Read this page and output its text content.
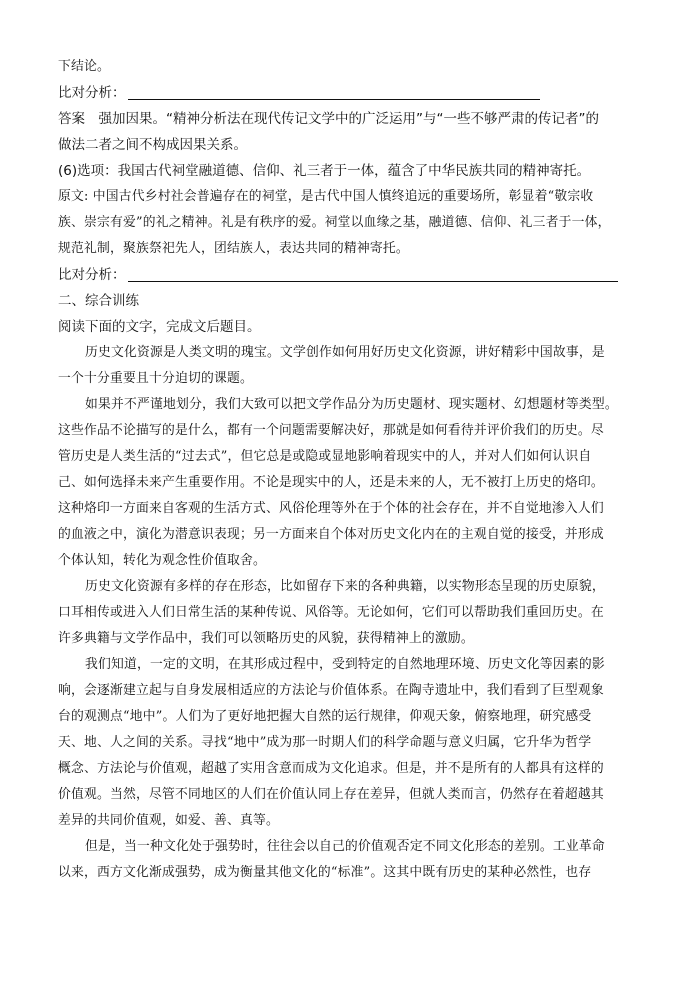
下结论。
比对分析：
答案　强加因果。“精神分析法在现代传记文学中的广泛运用”与“一些不够严肃的传记者”的
做法二者之间不构成因果关系。
(6)选项：我国古代祠堂融道德、信仰、礼三者于一体，蕴含了中华民族共同的精神寄托。
原文: 中国古代乡村社会普遍存在的祠堂，是古代中国人慎终追远的重要场所，彰显着“敬宗收
族、崇宗有爱”的礼之精神。礼是有秩序的爱。祠堂以血缘之基，融道德、信仰、礼三者于一体，
规范礼制，聚族祭祀先人，团结族人，表达共同的精神寄托。
比对分析：
二、综合训练
阅读下面的文字，完成文后题目。
历史文化资源是人类文明的瑰宝。文学创作如何用好历史文化资源，讲好精彩中国故事，是
一个十分重要且十分迫切的课题。
如果并不严谨地划分，我们大致可以把文学作品分为历史题材、现实题材、幻想题材等类型。
这些作品不论描写的是什么，都有一个问题需要解决好，那就是如何看待并评价我们的历史。尽
管历史是人类生活的“过去式”，但它总是或隐或显地影响着现实中的人，并对人们如何认识自
己、如何选择未来产生重要作用。不论是现实中的人，还是未来的人，无不被打上历史的烙印。
这种烙印一方面来自客观的生活方式、风俗伦理等外在于个体的社会存在，并不自觉地渗入人们
的血液之中，演化为潜意识表现；另一方面来自个体对历史文化内在的主观自觉的接受，并形成
个体认知，转化为观念性价值取舍。
历史文化资源有多样的存在形态，比如留存下来的各种典籍，以实物形态呈现的历史原貌，
口耳相传或进入人们日常生活的某种传说、风俗等。无论如何，它们可以帮助我们重回历史。在
许多典籍与文学作品中，我们可以领略历史的风貌，获得精神上的激励。
我们知道，一定的文明，在其形成过程中，受到特定的自然地理环境、历史文化等因素的影
响，会逐渐建立起与自身发展相适应的方法论与价值体系。在陶寺遗址中，我们看到了巨型观象
台的观测点“地中”。人们为了更好地把握大自然的运行规律，仰观天象，俯察地理，研究感受
天、地、人之间的关系。寻找“地中”成为那一时期人们的科学命题与意义归属，它升华为哲学
概念、方法论与价值观，超越了实用含意而成为文化追求。但是，并不是所有的人都具有这样的
价值观。当然，尽管不同地区的人们在价值认同上存在差异，但就人类而言，仍然存在着超越其
差异的共同价值观，如爱、善、真等。
但是，当一种文化处于强势时，往往会以自己的价值观否定不同文化形态的差别。工业革命
以来，西方文化渐成强势，成为衡量其他文化的“标准”。这其中既有历史的某种必然性，也存
